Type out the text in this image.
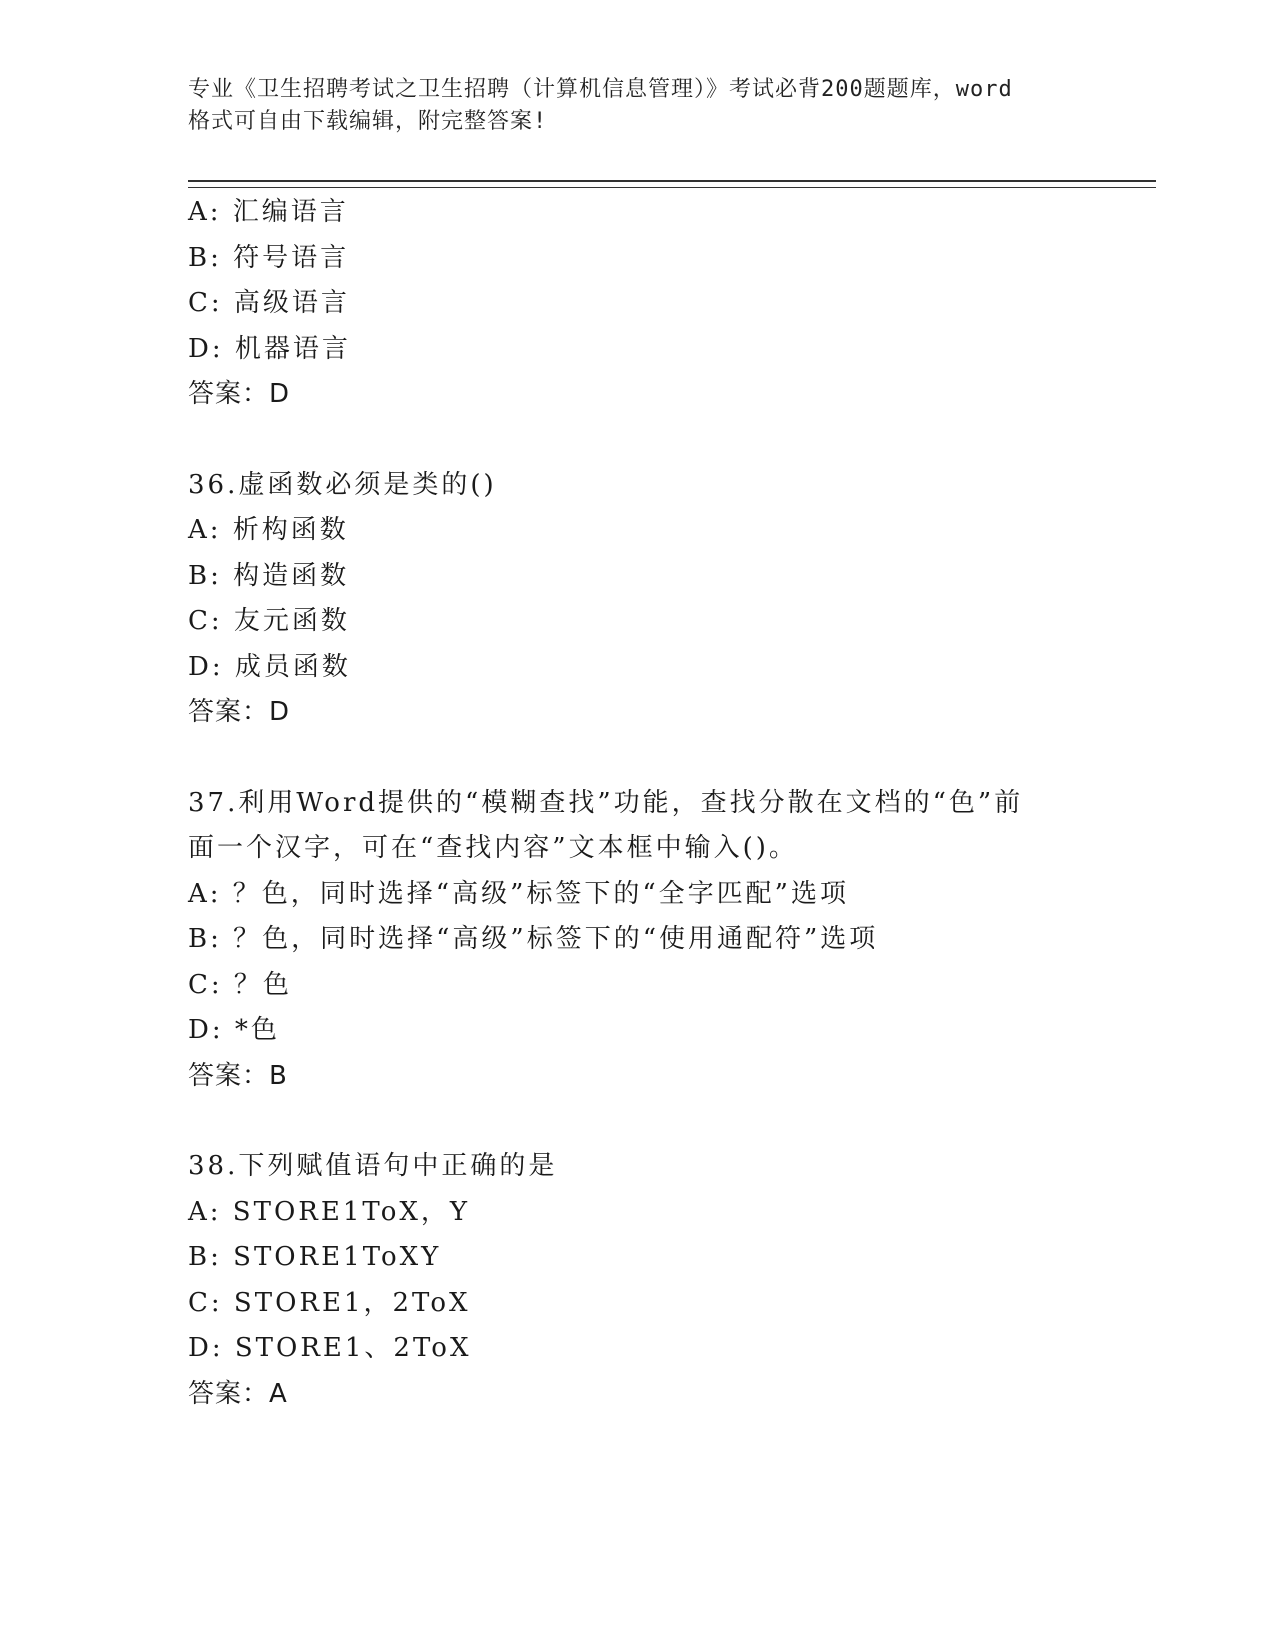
专业《卫生招聘考试之卫生招聘（计算机信息管理）》考试必背200题题库，word
格式可自由下载编辑，附完整答案!
A: 汇编语言
B: 符号语言
C: 高级语言
D: 机器语言
答案：D
36.虚函数必须是类的()
A: 析构函数
B: 构造函数
C: 友元函数
D: 成员函数
答案：D
37.利用Word提供的“模糊查找”功能，查找分散在文档的“色”前
面一个汉字，可在“查找内容”文本框中输入()。
A: ？色，同时选择“高级”标签下的“全字匹配”选项
B: ？色，同时选择“高级”标签下的“使用通配符”选项
C: ？色
D: *色
答案：B
38.下列赋值语句中正确的是
A: STORE1ToX，Y
B: STORE1ToXY
C: STORE1，2ToX
D: STORE1、2ToX
答案：A
